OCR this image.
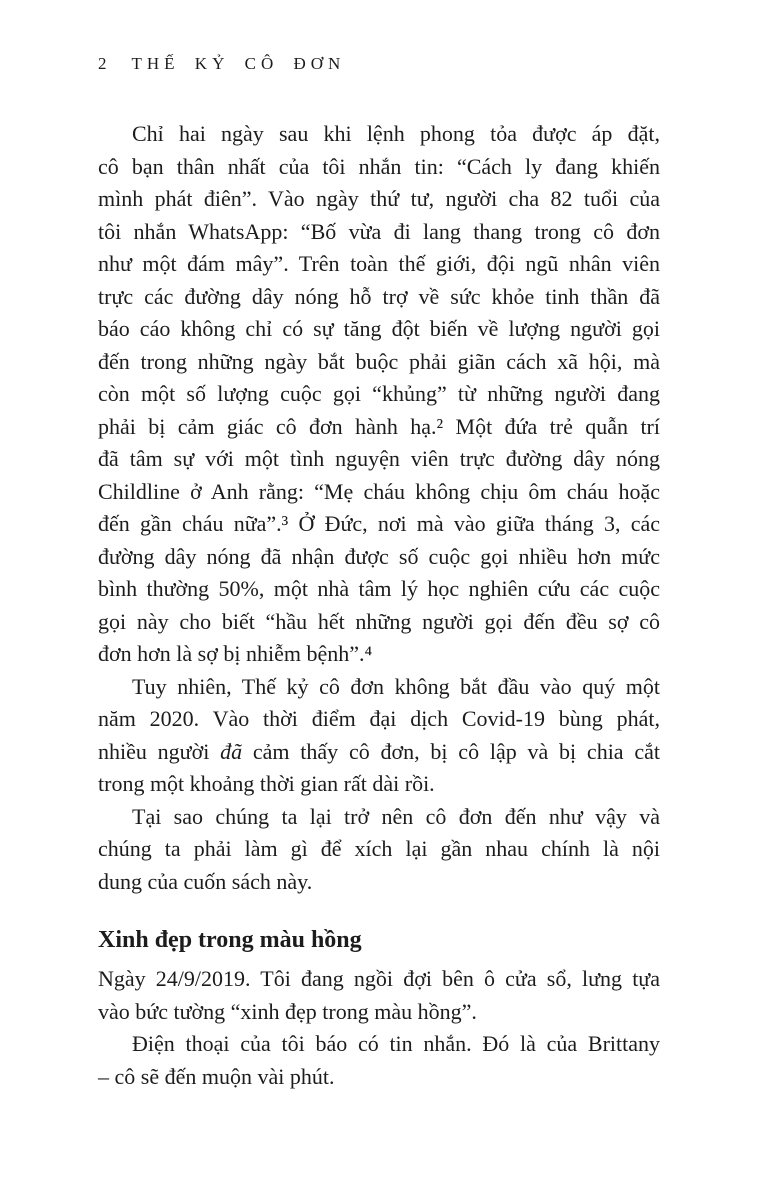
2 THẾ KỶ CÔ ĐƠN
Chỉ hai ngày sau khi lệnh phong tỏa được áp đặt,
cô bạn thân nhất của tôi nhắn tin: “Cách ly đang khiến
mình phát điên”. Vào ngày thứ tư, người cha 82 tuổi của
tôi nhắn WhatsApp: “Bố vừa đi lang thang trong cô đơn
như một đám mây”. Trên toàn thế giới, đội ngũ nhân viên
trực các đường dây nóng hỗ trợ về sức khỏe tinh thần đã
báo cáo không chỉ có sự tăng đột biến về lượng người gọi
đến trong những ngày bắt buộc phải giãn cách xã hội, mà
còn một số lượng cuộc gọi “khủng” từ những người đang
phải bị cảm giác cô đơn hành hạ.² Một đứa trẻ quẫn trí
đã tâm sự với một tình nguyện viên trực đường dây nóng
Childline ở Anh rằng: “Mẹ cháu không chịu ôm cháu hoặc
đến gần cháu nữa”.³ Ở Đức, nơi mà vào giữa tháng 3, các
đường dây nóng đã nhận được số cuộc gọi nhiều hơn mức
bình thường 50%, một nhà tâm lý học nghiên cứu các cuộc
gọi này cho biết “hầu hết những người gọi đến đều sợ cô
đơn hơn là sợ bị nhiễm bệnh”.⁴
Tuy nhiên, Thế kỷ cô đơn không bắt đầu vào quý một
năm 2020. Vào thời điểm đại dịch Covid-19 bùng phát,
nhiều người đã cảm thấy cô đơn, bị cô lập và bị chia cắt
trong một khoảng thời gian rất dài rồi.
Tại sao chúng ta lại trở nên cô đơn đến như vậy và
chúng ta phải làm gì để xích lại gần nhau chính là nội
dung của cuốn sách này.
Xinh đẹp trong màu hồng
Ngày 24/9/2019. Tôi đang ngồi đợi bên ô cửa sổ, lưng tựa
vào bức tường “xinh đẹp trong màu hồng”.
Điện thoại của tôi báo có tin nhắn. Đó là của Brittany
– cô sẽ đến muộn vài phút.
